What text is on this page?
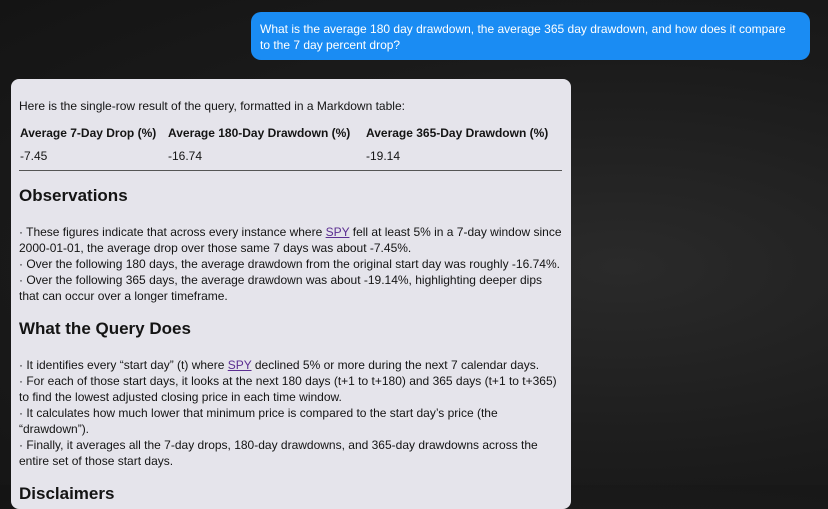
What is the average 180 day drawdown, the average 365 day drawdown, and how does it compare to the 7 day percent drop?

Here is the single-row result of the query, formatted in a Markdown table:

Average 7-Day Drop (%)	Average 180-Day Drawdown (%)	Average 365-Day Drawdown (%)
-7.45	-16.74	-19.14
Observations

· These figures indicate that across every instance where SPY fell at least 5% in a 7-day window since 2000-01-01, the average drop over those same 7 days was about -7.45%.

· Over the following 180 days, the average drawdown from the original start day was roughly -16.74%.

· Over the following 365 days, the average drawdown was about -19.14%, highlighting deeper dips that can occur over a longer timeframe.

What the Query Does

· It identifies every “start day” (t) where SPY declined 5% or more during the next 7 calendar days.

· For each of those start days, it looks at the next 180 days (t+1 to t+180) and 365 days (t+1 to t+365) to find the lowest adjusted closing price in each time window.

· It calculates how much lower that minimum price is compared to the start day’s price (the “drawdown”).

· Finally, it averages all the 7-day drops, 180-day drawdowns, and 365-day drawdowns across the entire set of those start days.

Disclaimers
